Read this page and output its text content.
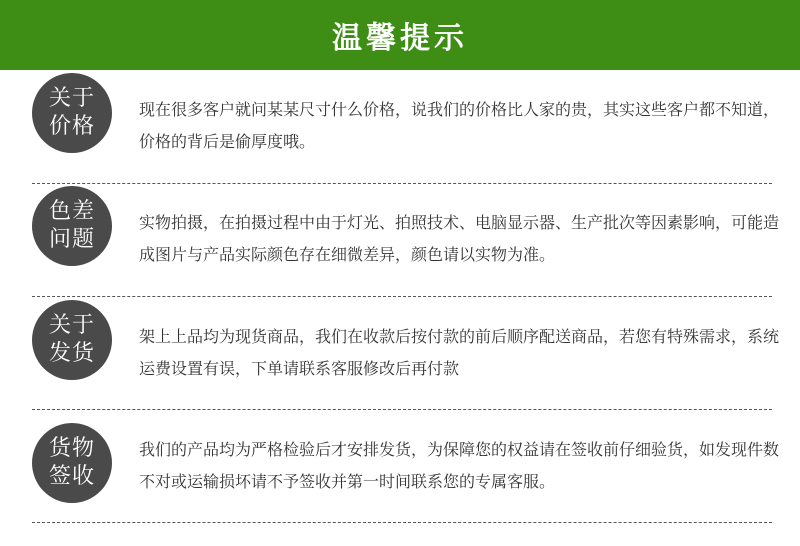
温馨提示
关于
价格

现在很多客户就问某某尺寸什么价格，说我们的价格比人家的贵，其实这些客户都不知道，价格的背后是偷厚度哦。

色差
问题

实物拍摄，在拍摄过程中由于灯光、拍照技术、电脑显示器、生产批次等因素影响，可能造成图片与产品实际颜色存在细微差异，颜色请以实物为准。

关于
发货

架上上品均为现货商品，我们在收款后按付款的前后顺序配送商品，若您有特殊需求，系统运费设置有误，下单请联系客服修改后再付款

货物
签收

我们的产品均为严格检验后才安排发货，为保障您的权益请在签收前仔细验货，如发现件数不对或运输损坏请不予签收并第一时间联系您的专属客服。
